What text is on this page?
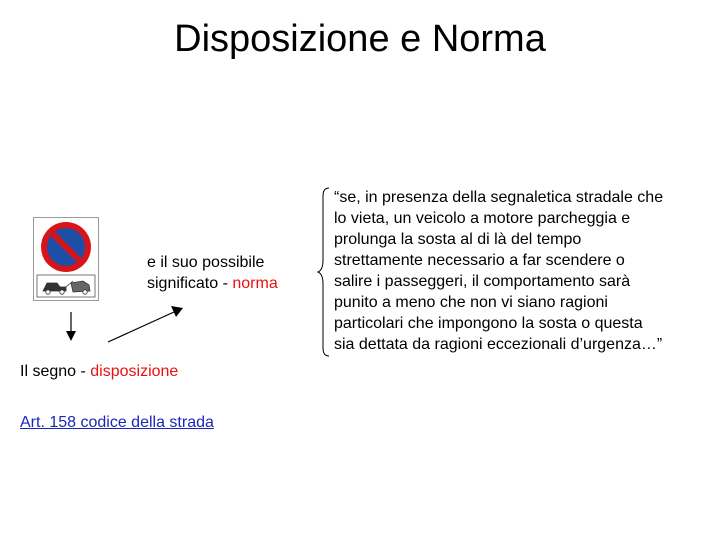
Disposizione e Norma
e il suo possibile
significato - norma
Il segno - disposizione
Art. 158 codice della strada
“se, in presenza della segnaletica stradale che
lo vieta, un veicolo a motore parcheggia e
prolunga la sosta al di là del tempo
strettamente necessario a far scendere o
salire i passeggeri, il comportamento sarà
punito a meno che non vi siano ragioni
particolari che impongono la sosta o questa
sia dettata da ragioni eccezionali d’urgenza…”
